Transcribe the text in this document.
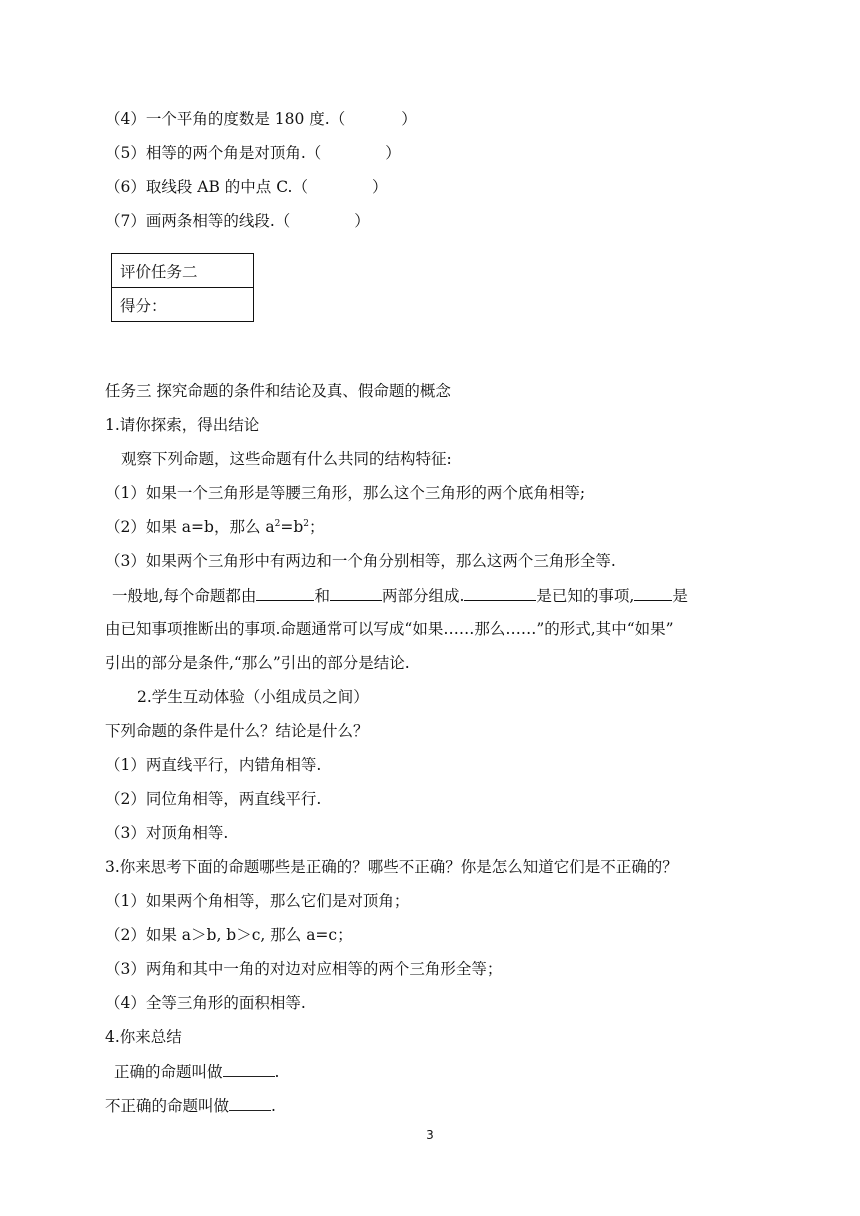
（4）一个平角的度数是 180 度.（	）
（5）相等的两个角是对顶角.（	）
（6）取线段 AB 的中点 C.（	）
（7）画两条相等的线段.（	）
评价任务二
得分：
任务三 探究命题的条件和结论及真、假命题的概念
1.请你探索，得出结论
观察下列命题，这些命题有什么共同的结构特征:
（1）如果一个三角形是等腰三角形，那么这个三角形的两个底角相等;
（2）如果 a=b，那么 $a^2=b^2$；
（3）如果两个三角形中有两边和一个角分别相等，那么这两个三角形全等.
一般地,每个命题都由	和	两部分组成.	是已知的事项, 是
由已知事项推断出的事项.命题通常可以写成“如果……那么……”的形式,其中“如果”
引出的部分是条件,“那么”引出的部分是结论.
2.学生互动体验（小组成员之间）
下列命题的条件是什么？结论是什么？
（1）两直线平行，内错角相等.
（2）同位角相等，两直线平行.
（3）对顶角相等.
3.你来思考下面的命题哪些是正确的？哪些不正确？你是怎么知道它们是不正确的？
（1）如果两个角相等，那么它们是对顶角；
（2）如果 a＞b, b＞c, 那么 a=c；
（3）两角和其中一角的对边对应相等的两个三角形全等；
（4）全等三角形的面积相等.
4.你来总结
正确的命题叫做	.
不正确的命题叫做	.
3
